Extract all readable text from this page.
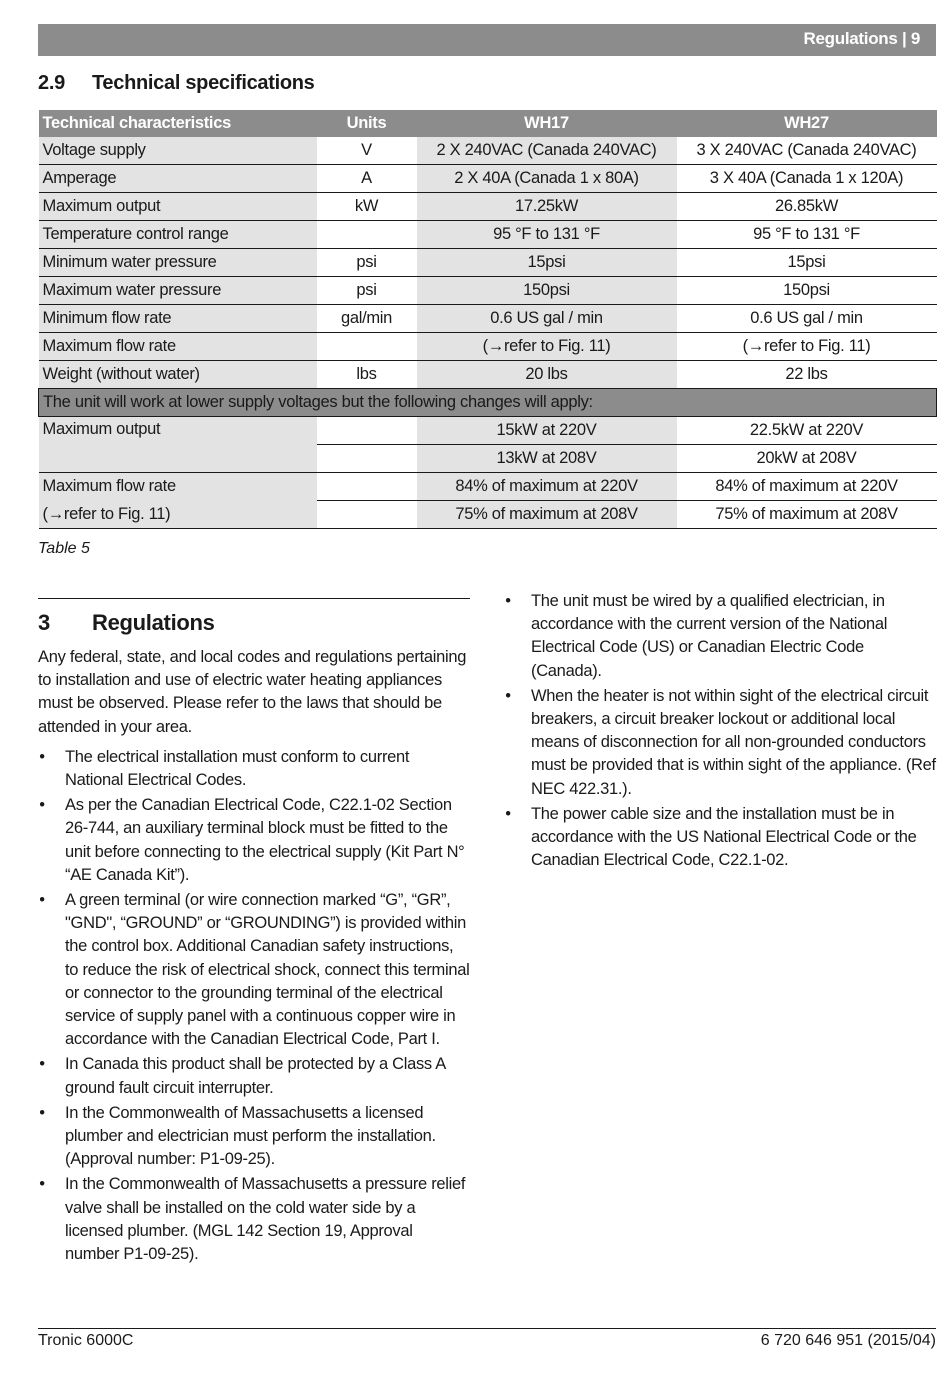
Regulations | 9
2.9 Technical specifications
Technical characteristics	Units	WH17	WH27
Voltage supply	V	2 X 240VAC (Canada 240VAC)	3 X 240VAC (Canada 240VAC)
Amperage	A	2 X 40A (Canada 1 x 80A)	3 X 40A (Canada 1 x 120A)
Maximum output	kW	17.25kW	26.85kW
Temperature control range		95 °F to 131 °F	95 °F to 131 °F
Minimum water pressure	psi	15psi	15psi
Maximum water pressure	psi	150psi	150psi
Minimum flow rate	gal/min	0.6 US gal / min	0.6 US gal / min
Maximum flow rate		(→refer to Fig. 11)	(→refer to Fig. 11)
Weight (without water)	lbs	20 lbs	22 lbs
The unit will work at lower supply voltages but the following changes will apply:			
Maximum output		15kW at 220V	22.5kW at 220V
		13kW at 208V	20kW at 208V
Maximum flow rate		84% of maximum at 220V	84% of maximum at 220V
(→refer to Fig. 11)		75% of maximum at 208V	75% of maximum at 208V
Table 5
3 Regulations

Any federal, state, and local codes and regulations pertaining to installation and use of electric water heating appliances must be observed. Please refer to the laws that should be attended in your area.

• The electrical installation must conform to current National Electrical Codes.
• As per the Canadian Electrical Code, C22.1-02 Section 26-744, an auxiliary terminal block must be fitted to the unit before connecting to the electrical supply (Kit Part N° “AE Canada Kit”).
• A green terminal (or wire connection marked “G”, “GR”, "GND", “GROUND” or “GROUNDING”) is provided within the control box. Additional Canadian safety instructions, to reduce the risk of electrical shock, connect this terminal or connector to the grounding terminal of the electrical service of supply panel with a continuous copper wire in accordance with the Canadian Electrical Code, Part I.
• In Canada this product shall be protected by a Class A ground fault circuit interrupter.
• In the Commonwealth of Massachusetts a licensed plumber and electrician must perform the installation. (Approval number: P1-09-25).
• In the Commonwealth of Massachusetts a pressure relief valve shall be installed on the cold water side by a licensed plumber. (MGL 142 Section 19, Approval number P1-09-25).
• The unit must be wired by a qualified electrician, in accordance with the current version of the National Electrical Code (US) or Canadian Electric Code (Canada).
• When the heater is not within sight of the electrical circuit breakers, a circuit breaker lockout or additional local means of disconnection for all non-grounded conductors must be provided that is within sight of the appliance. (Ref NEC 422.31.).
• The power cable size and the installation must be in accordance with the US National Electrical Code or the Canadian Electrical Code, C22.1-02.
Tronic 6000C	6 720 646 951 (2015/04)
